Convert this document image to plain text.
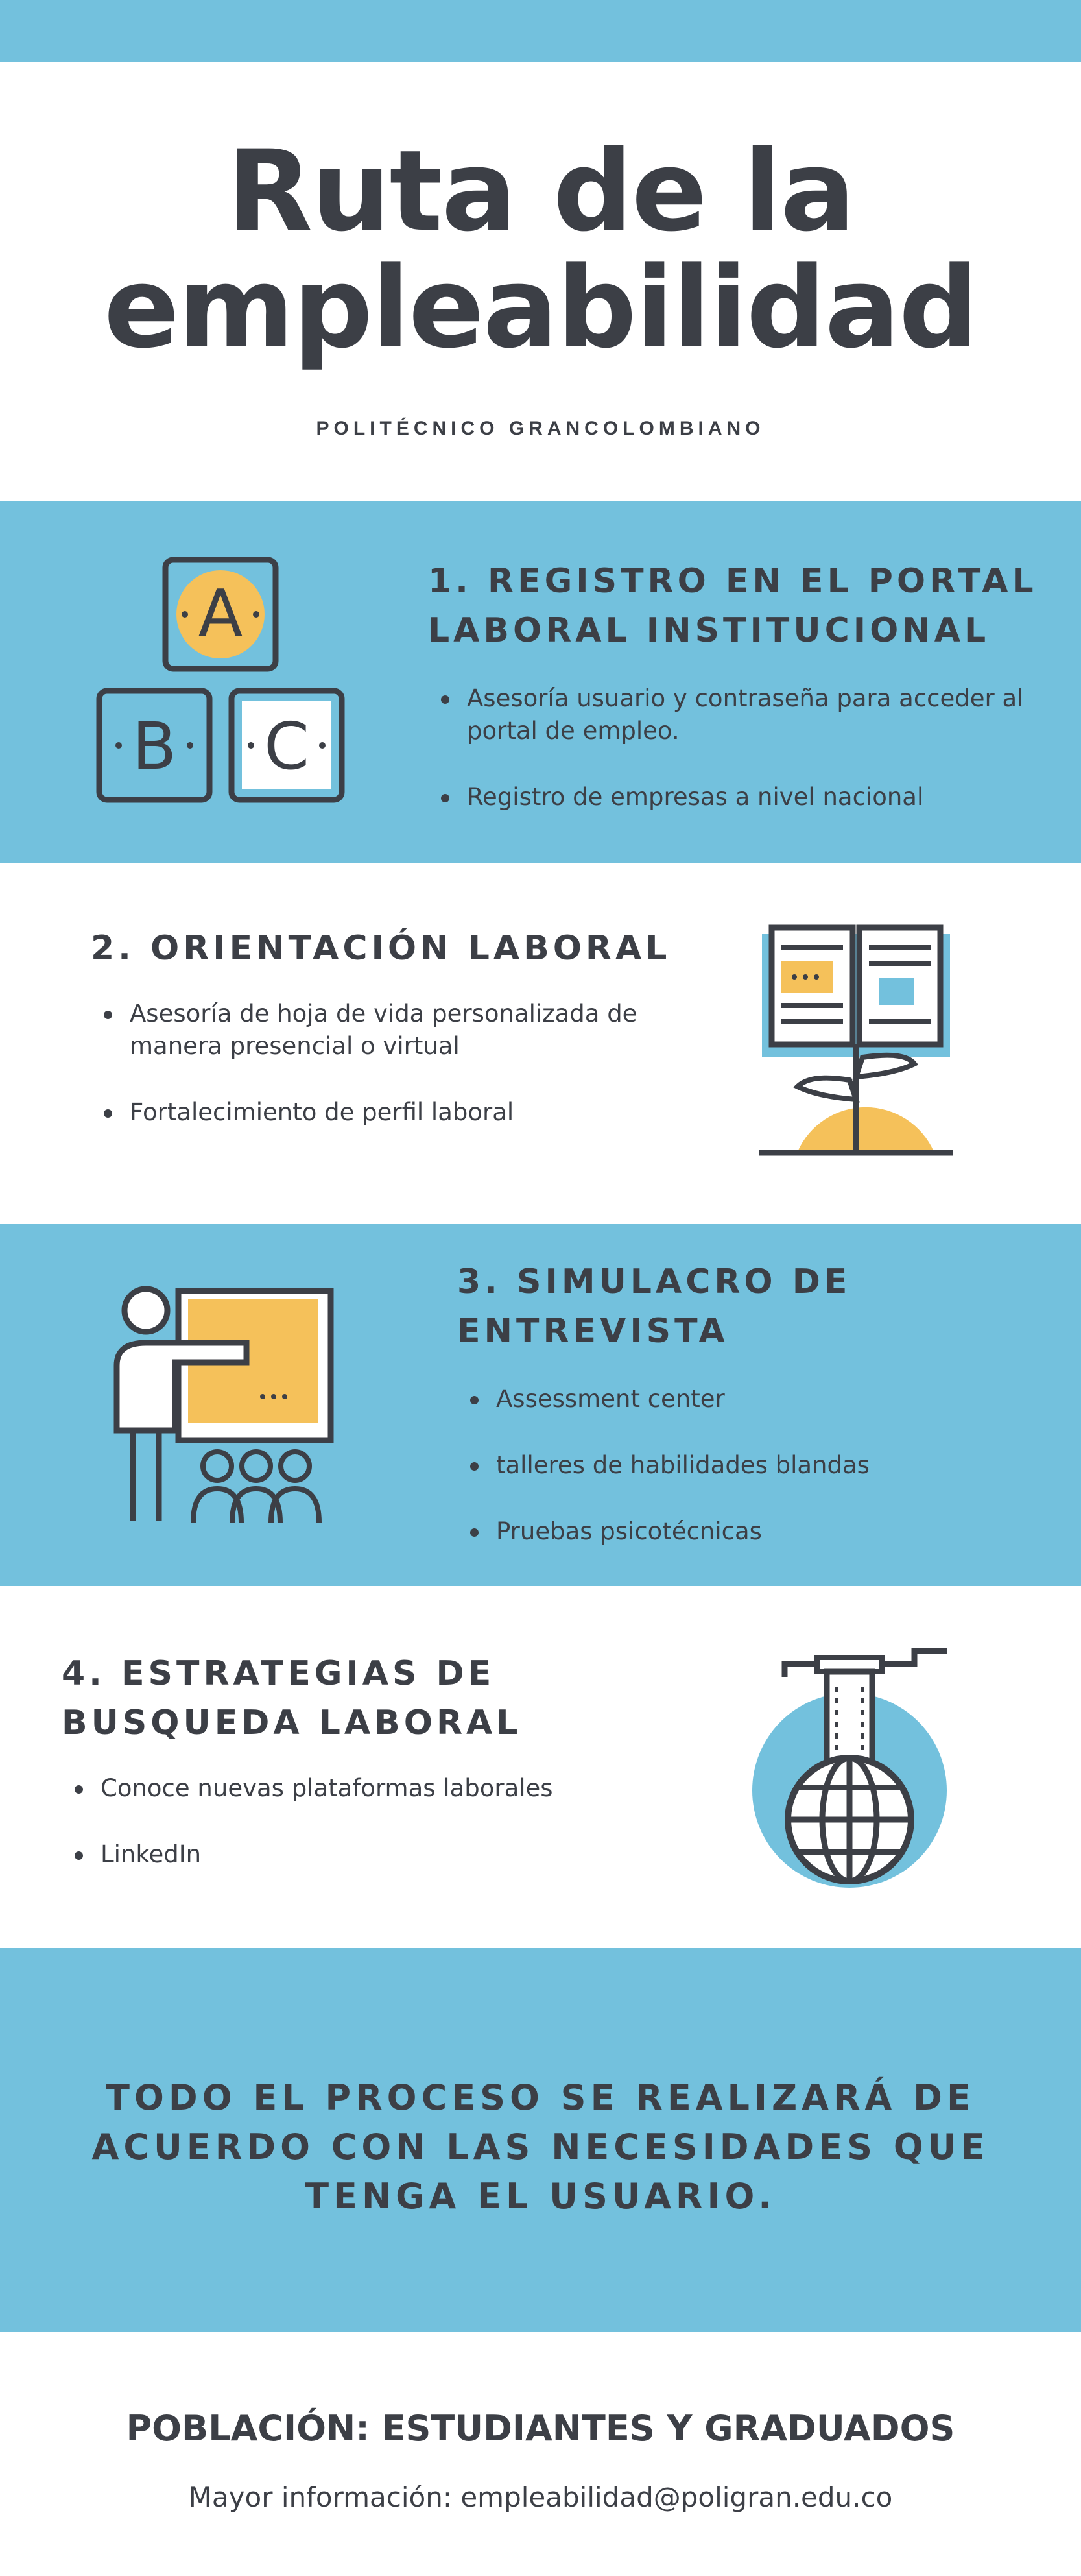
Ruta de la
empleabilidad
POLITÉCNICO GRANCOLOMBIANO
A
B C
1. REGISTRO EN EL PORTAL
LABORAL INSTITUCIONAL
Asesoría usuario y contraseña para acceder al portal de empleo.
Registro de empresas a nivel nacional
2. ORIENTACIÓN LABORAL
Asesoría de hoja de vida personalizada de manera presencial o virtual
Fortalecimiento de perfil laboral
3. SIMULACRO DE
ENTREVISTA
Assessment center
talleres de habilidades blandas
Pruebas psicotécnicas
4. ESTRATEGIAS DE
BUSQUEDA LABORAL
Conoce nuevas plataformas laborales
LinkedIn
TODO EL PROCESO SE REALIZARÁ DE
ACUERDO CON LAS NECESIDADES QUE
TENGA EL USUARIO.
POBLACIÓN: ESTUDIANTES Y GRADUADOS
Mayor información: empleabilidad@poligran.edu.co
